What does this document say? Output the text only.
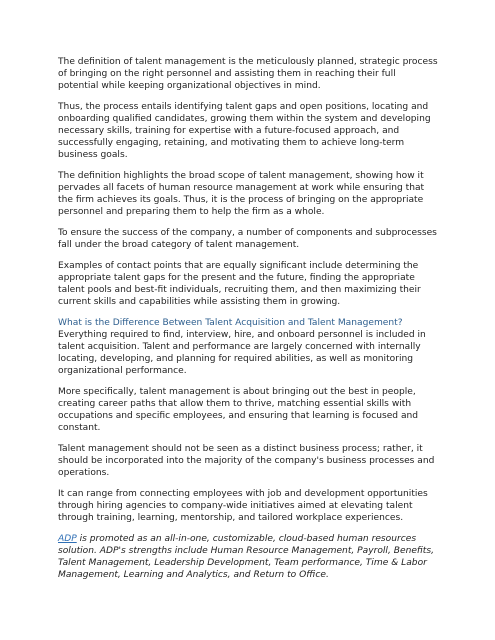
The definition of talent management is the meticulously planned, strategic process of bringing on the right personnel and assisting them in reaching their full potential while keeping organizational objectives in mind.

Thus, the process entails identifying talent gaps and open positions, locating and onboarding qualified candidates, growing them within the system and developing necessary skills, training for expertise with a future-focused approach, and successfully engaging, retaining, and motivating them to achieve long-term business goals.

The definition highlights the broad scope of talent management, showing how it pervades all facets of human resource management at work while ensuring that the firm achieves its goals. Thus, it is the process of bringing on the appropriate personnel and preparing them to help the firm as a whole.

To ensure the success of the company, a number of components and subprocesses fall under the broad category of talent management.

Examples of contact points that are equally significant include determining the appropriate talent gaps for the present and the future, finding the appropriate talent pools and best-fit individuals, recruiting them, and then maximizing their current skills and capabilities while assisting them in growing.

What is the Difference Between Talent Acquisition and Talent Management?
Everything required to find, interview, hire, and onboard personnel is included in talent acquisition. Talent and performance are largely concerned with internally locating, developing, and planning for required abilities, as well as monitoring organizational performance.

More specifically, talent management is about bringing out the best in people, creating career paths that allow them to thrive, matching essential skills with occupations and specific employees, and ensuring that learning is focused and constant.

Talent management should not be seen as a distinct business process; rather, it should be incorporated into the majority of the company's business processes and operations.

It can range from connecting employees with job and development opportunities through hiring agencies to company-wide initiatives aimed at elevating talent through training, learning, mentorship, and tailored workplace experiences.

ADP is promoted as an all-in-one, customizable, cloud-based human resources solution. ADP's strengths include Human Resource Management, Payroll, Benefits, Talent Management, Leadership Development, Team performance, Time & Labor Management, Learning and Analytics, and Return to Office.
